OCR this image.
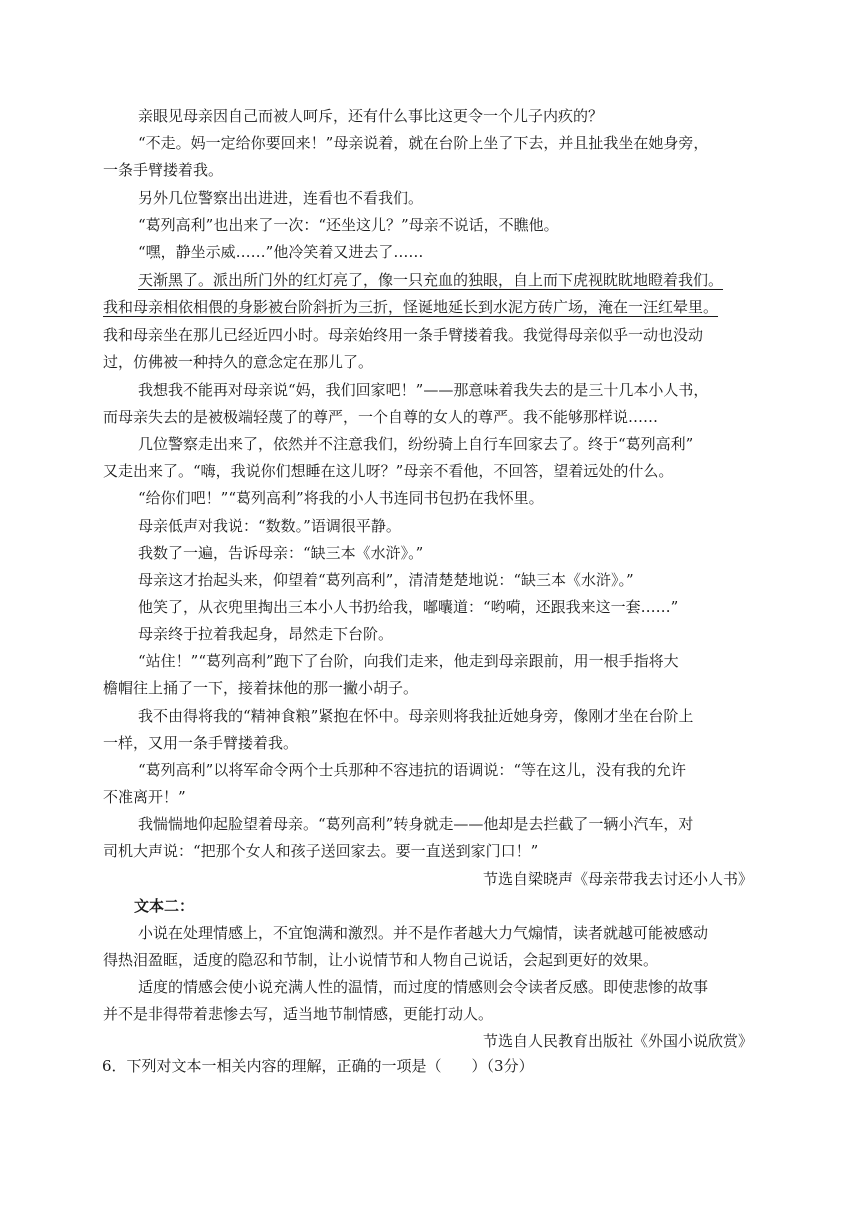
亲眼见母亲因自己而被人呵斥，还有什么事比这更令一个儿子内疚的？
“不走。妈一定给你要回来！”母亲说着，就在台阶上坐了下去，并且扯我坐在她身旁，
一条手臂搂着我。
另外几位警察出出进进，连看也不看我们。
“葛列高利”也出来了一次：“还坐这儿？”母亲不说话，不瞧他。
“嘿，静坐示威……”他冷笑着又进去了……
天渐黑了。派出所门外的红灯亮了，像一只充血的独眼，自上而下虎视眈眈地瞪着我们。
我和母亲相依相偎的身影被台阶斜折为三折，怪诞地延长到水泥方砖广场，淹在一汪红晕里。
我和母亲坐在那儿已经近四小时。母亲始终用一条手臂搂着我。我觉得母亲似乎一动也没动
过，仿佛被一种持久的意念定在那儿了。
我想我不能再对母亲说“妈，我们回家吧！”——那意味着我失去的是三十几本小人书，
而母亲失去的是被极端轻蔑了的尊严，一个自尊的女人的尊严。我不能够那样说……
几位警察走出来了，依然并不注意我们，纷纷骑上自行车回家去了。终于“葛列高利”
又走出来了。“嗨，我说你们想睡在这儿呀？”母亲不看他，不回答，望着远处的什么。
“给你们吧！”“葛列高利”将我的小人书连同书包扔在我怀里。
母亲低声对我说：“数数。”语调很平静。
我数了一遍，告诉母亲：“缺三本《水浒》。”
母亲这才抬起头来，仰望着“葛列高利”，清清楚楚地说：“缺三本《水浒》。”
他笑了，从衣兜里掏出三本小人书扔给我，嘟囔道：“哟嗬，还跟我来这一套……”
母亲终于拉着我起身，昂然走下台阶。
“站住！”“葛列高利”跑下了台阶，向我们走来，他走到母亲跟前，用一根手指将大
檐帽往上捅了一下，接着抹他的那一撇小胡子。
我不由得将我的“精神食粮”紧抱在怀中。母亲则将我扯近她身旁，像刚才坐在台阶上
一样，又用一条手臂搂着我。
“葛列高利”以将军命令两个士兵那种不容违抗的语调说：“等在这儿，没有我的允许
不准离开！”
我惴惴地仰起脸望着母亲。“葛列高利”转身就走——他却是去拦截了一辆小汽车，对
司机大声说：“把那个女人和孩子送回家去。要一直送到家门口！”
节选自梁晓声《母亲带我去讨还小人书》
文本二：
小说在处理情感上，不宜饱满和激烈。并不是作者越大力气煽情，读者就越可能被感动
得热泪盈眶，适度的隐忍和节制，让小说情节和人物自己说话，会起到更好的效果。
适度的情感会使小说充满人性的温情，而过度的情感则会令读者反感。即使悲惨的故事
并不是非得带着悲惨去写，适当地节制情感，更能打动人。
节选自人民教育出版社《外国小说欣赏》
6．下列对文本一相关内容的理解，正确的一项是（　　）（3分）
